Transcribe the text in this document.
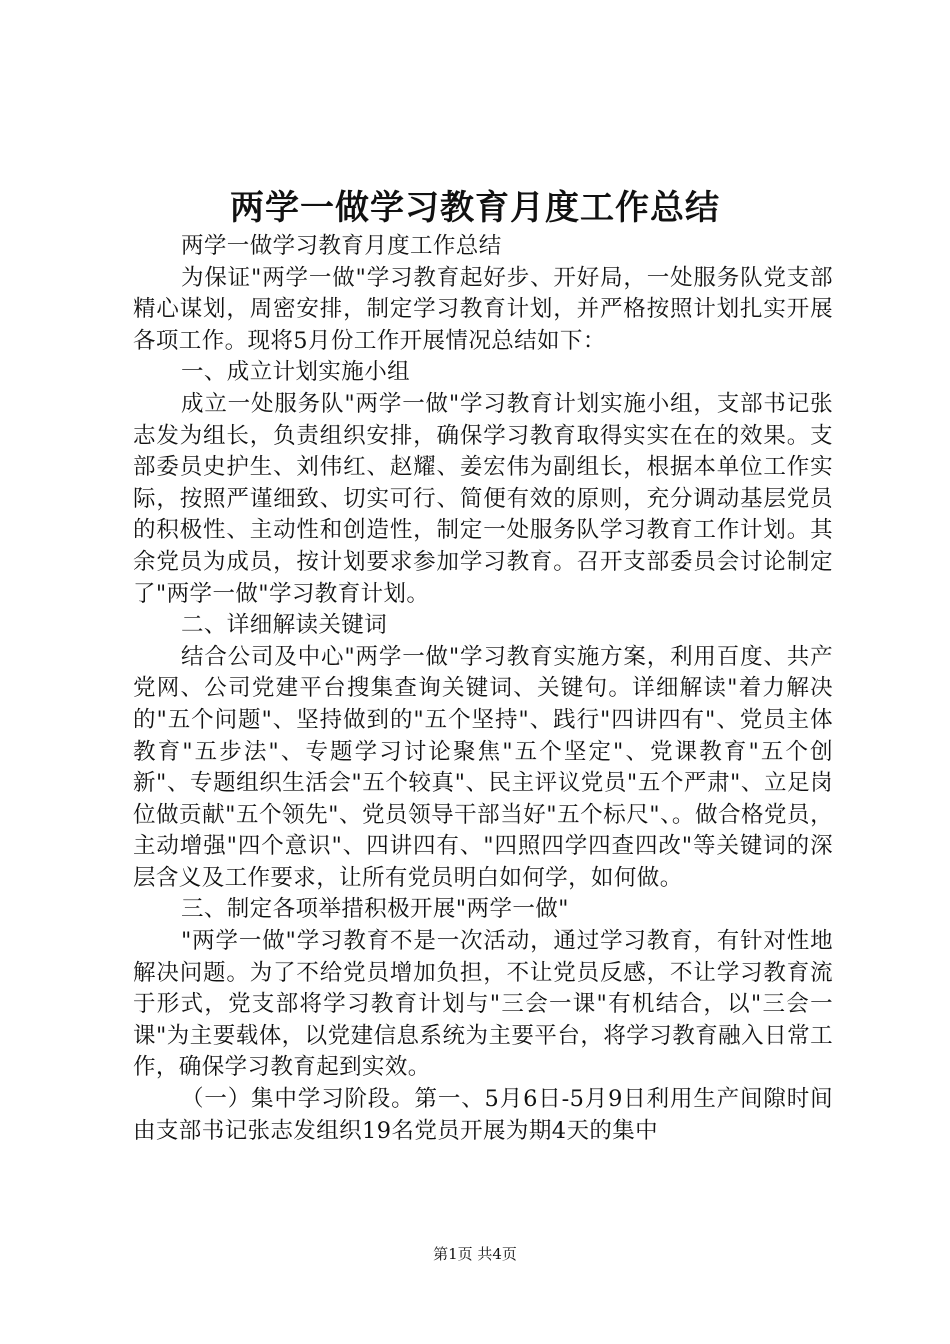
两学一做学习教育月度工作总结

两学一做学习教育月度工作总结

为保证"两学一做"学习教育起好步、开好局，一处服务队党支部精心谋划，周密安排，制定学习教育计划，并严格按照计划扎实开展各项工作。现将5月份工作开展情况总结如下：

一、成立计划实施小组

成立一处服务队"两学一做"学习教育计划实施小组，支部书记张志发为组长，负责组织安排，确保学习教育取得实实在在的效果。支部委员史护生、刘伟红、赵耀、姜宏伟为副组长，根据本单位工作实际，按照严谨细致、切实可行、简便有效的原则，充分调动基层党员的积极性、主动性和创造性，制定一处服务队学习教育工作计划。其余党员为成员，按计划要求参加学习教育。召开支部委员会讨论制定了"两学一做"学习教育计划。

二、详细解读关键词

结合公司及中心"两学一做"学习教育实施方案，利用百度、共产党网、公司党建平台搜集查询关键词、关键句。详细解读"着力解决的"五个问题"、坚持做到的"五个坚持"、践行"四讲四有"、党员主体教育"五步法"、专题学习讨论聚焦"五个坚定"、党课教育"五个创新"、专题组织生活会"五个较真"、民主评议党员"五个严肃"、立足岗位做贡献"五个领先"、党员领导干部当好"五个标尺"、。做合格党员，主动增强"四个意识"、四讲四有、"四照四学四查四改"等关键词的深层含义及工作要求，让所有党员明白如何学，如何做。

三、制定各项举措积极开展"两学一做"

"两学一做"学习教育不是一次活动，通过学习教育，有针对性地解决问题。为了不给党员增加负担，不让党员反感，不让学习教育流于形式，党支部将学习教育计划与"三会一课"有机结合，以"三会一课"为主要载体，以党建信息系统为主要平台，将学习教育融入日常工作，确保学习教育起到实效。

（一）集中学习阶段。第一、5月6日-5月9日利用生产间隙时间由支部书记张志发组织19名党员开展为期4天的集中

第1页 共4页
